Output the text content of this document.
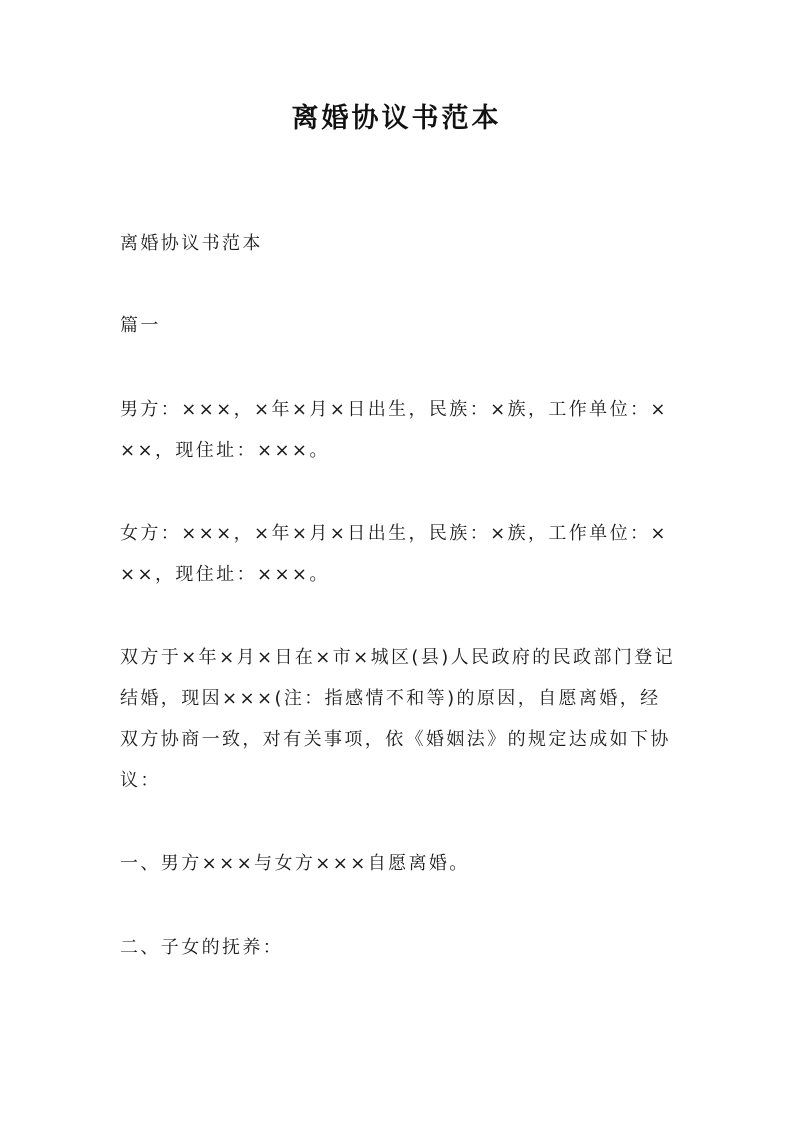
离婚协议书范本
离婚协议书范本
篇一
男方：×××，×年×月×日出生，民族：×族，工作单位：×××，现住址：×××。
女方：×××，×年×月×日出生，民族：×族，工作单位：×××，现住址：×××。
双方于×年×月×日在×市×城区(县)人民政府的民政部门登记结婚，现因×××(注：指感情不和等)的原因，自愿离婚，经双方协商一致，对有关事项，依《婚姻法》的规定达成如下协议：
一、男方×××与女方×××自愿离婚。
二、子女的抚养：
